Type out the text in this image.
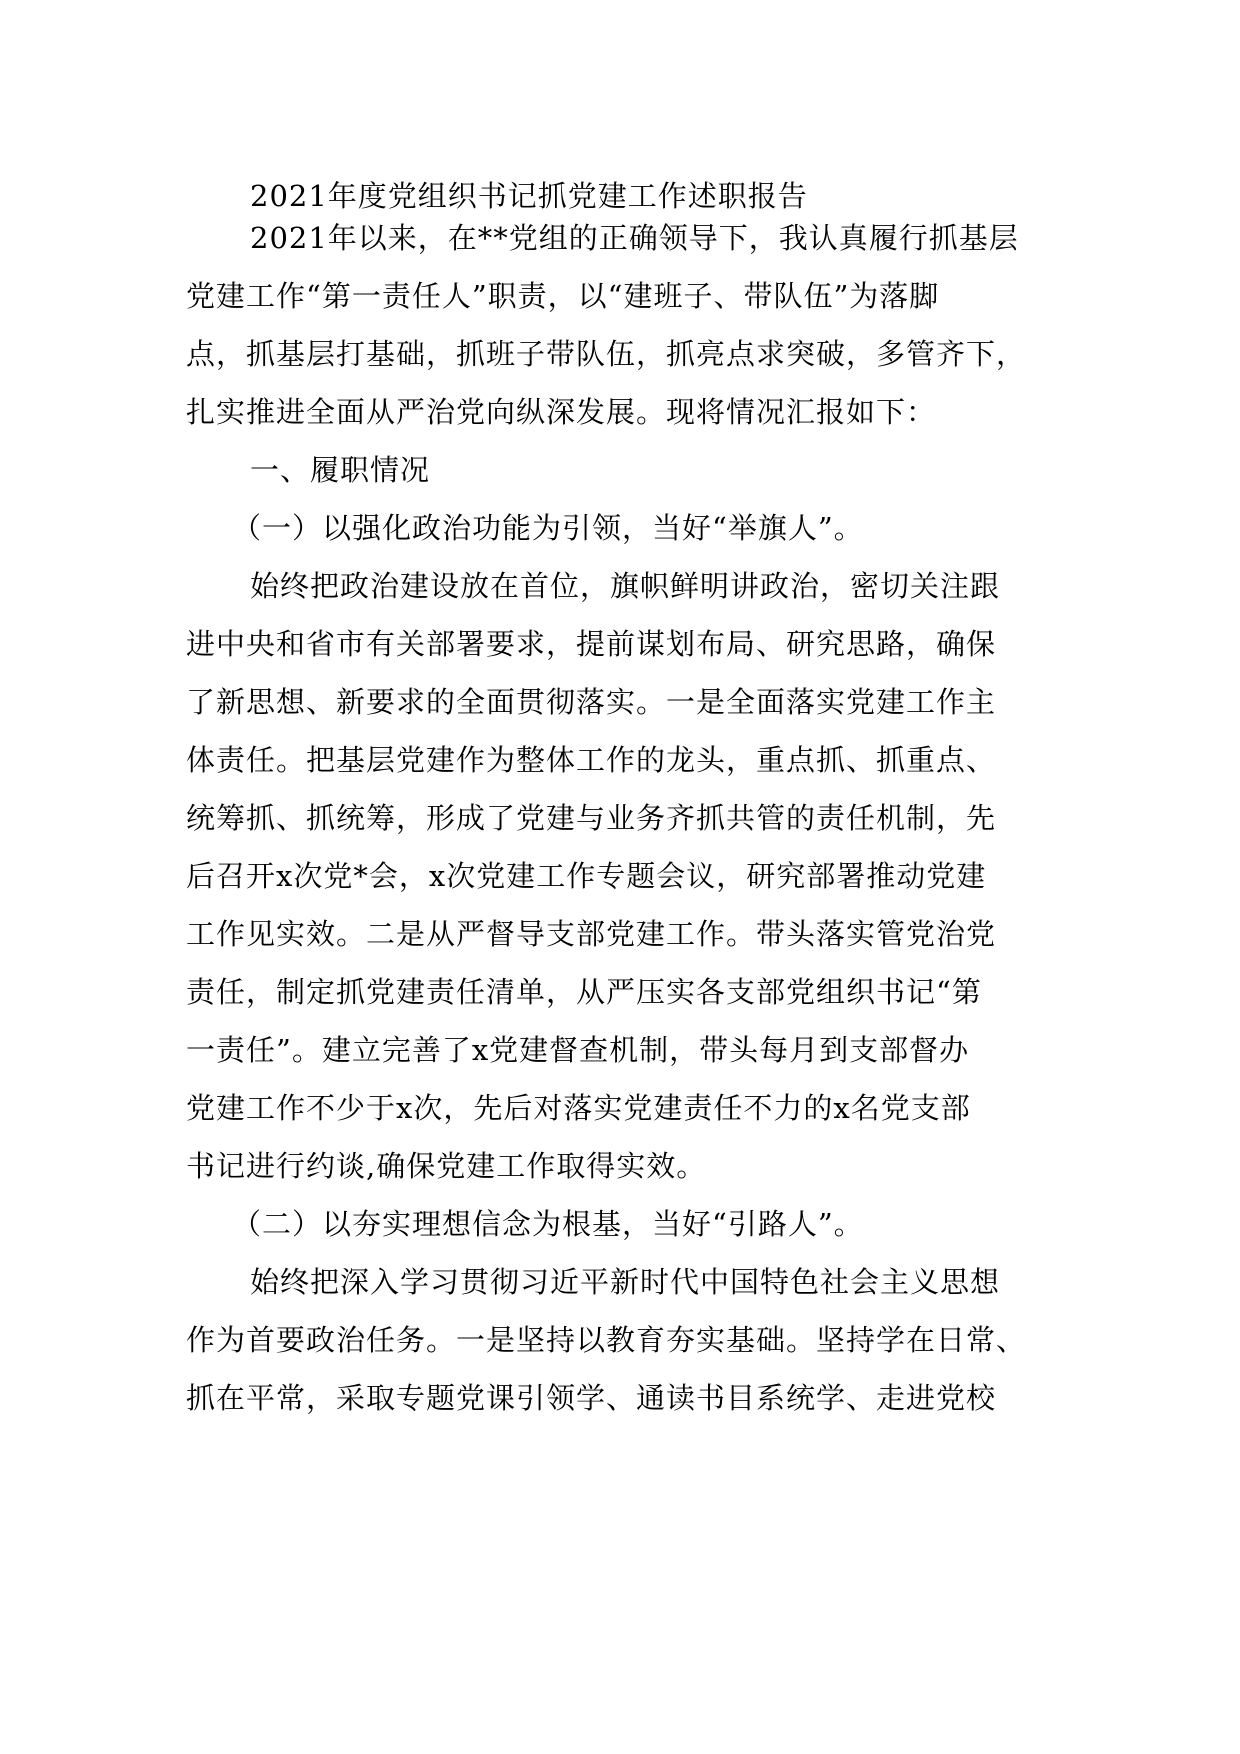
2021年度党组织书记抓党建工作述职报告
2021年以来，在**党组的正确领导下，我认真履行抓基层
党建工作“第一责任人”职责，以“建班子、带队伍”为落脚
点，抓基层打基础，抓班子带队伍，抓亮点求突破，多管齐下，
扎实推进全面从严治党向纵深发展。现将情况汇报如下：
一、履职情况
（一）以强化政治功能为引领，当好“举旗人”。
始终把政治建设放在首位，旗帜鲜明讲政治，密切关注跟
进中央和省市有关部署要求，提前谋划布局、研究思路，确保
了新思想、新要求的全面贯彻落实。一是全面落实党建工作主
体责任。把基层党建作为整体工作的龙头，重点抓、抓重点、
统筹抓、抓统筹，形成了党建与业务齐抓共管的责任机制，先
后召开x次党*会，x次党建工作专题会议，研究部署推动党建
工作见实效。二是从严督导支部党建工作。带头落实管党治党
责任，制定抓党建责任清单，从严压实各支部党组织书记“第
一责任”。建立完善了x党建督查机制，带头每月到支部督办
党建工作不少于x次，先后对落实党建责任不力的x名党支部
书记进行约谈,确保党建工作取得实效。
（二）以夯实理想信念为根基，当好“引路人”。
始终把深入学习贯彻习近平新时代中国特色社会主义思想
作为首要政治任务。一是坚持以教育夯实基础。坚持学在日常、
抓在平常，采取专题党课引领学、通读书目系统学、走进党校
